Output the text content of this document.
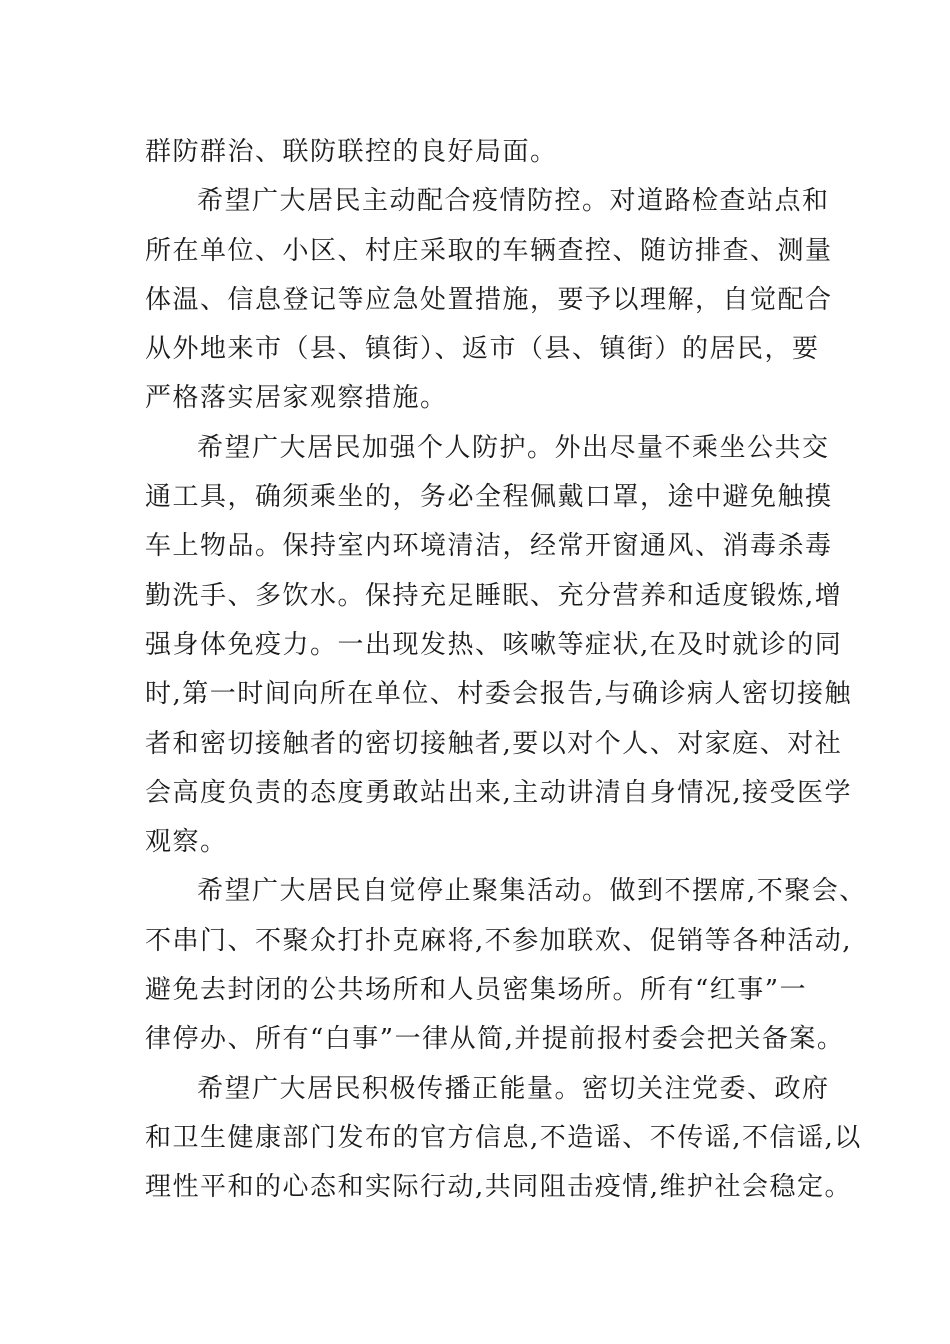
群防群治、联防联控的良好局面。
希望广大居民主动配合疫情防控。对道路检查站点和
所在单位、小区、村庄采取的车辆查控、随访排查、测量
体温、信息登记等应急处置措施，要予以理解，自觉配合
从外地来市（县、镇街）、返市（县、镇街）的居民，要
严格落实居家观察措施。
希望广大居民加强个人防护。外出尽量不乘坐公共交
通工具，确须乘坐的，务必全程佩戴口罩，途中避免触摸
车上物品。保持室内环境清洁，经常开窗通风、消毒杀毒
勤洗手、多饮水。保持充足睡眠、充分营养和适度锻炼,增
强身体免疫力。一出现发热、咳嗽等症状,在及时就诊的同
时,第一时间向所在单位、村委会报告,与确诊病人密切接触
者和密切接触者的密切接触者,要以对个人、对家庭、对社
会高度负责的态度勇敢站出来,主动讲清自身情况,接受医学
观察。
希望广大居民自觉停止聚集活动。做到不摆席,不聚会、
不串门、不聚众打扑克麻将,不参加联欢、促销等各种活动,
避免去封闭的公共场所和人员密集场所。所有“红事”一
律停办、所有“白事”一律从简,并提前报村委会把关备案。
希望广大居民积极传播正能量。密切关注党委、政府
和卫生健康部门发布的官方信息,不造谣、不传谣,不信谣,以
理性平和的心态和实际行动,共同阻击疫情,维护社会稳定。
